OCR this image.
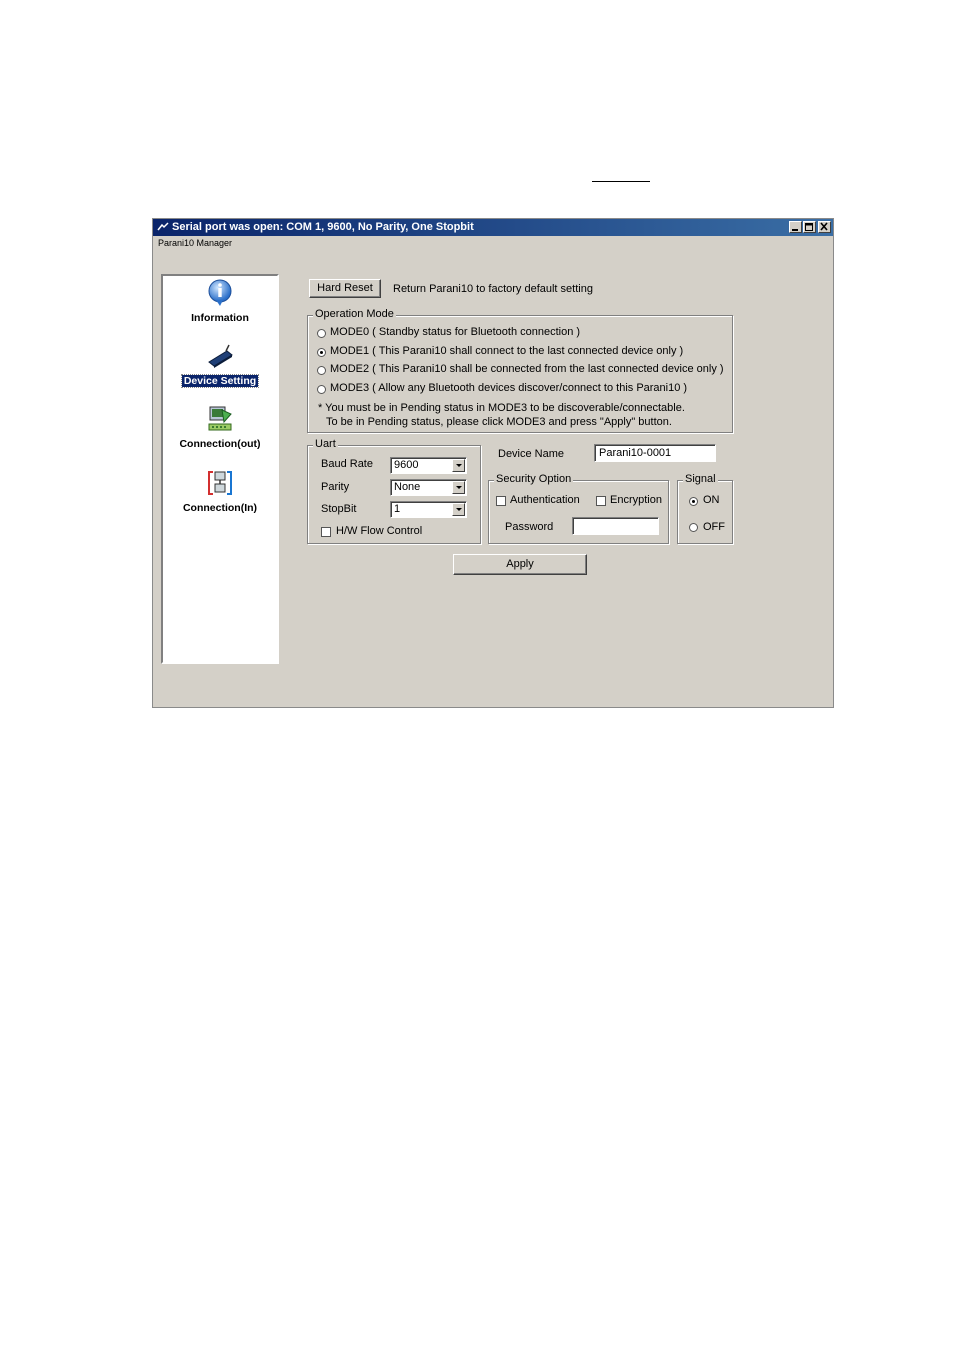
Serial port was open: COM 1, 9600, No Parity, One Stopbit
Parani10 Manager
Information
Device Setting
Connection(out)
Connection(In)
Hard Reset	Return Parani10 to factory default setting
Operation Mode
MODE0 ( Standby status for Bluetooth connection )
MODE1 ( This Parani10 shall connect to the last connected device only )
MODE2 ( This Parani10 shall be connected from the last connected device only )
MODE3 ( Allow any Bluetooth devices discover/connect to this Parani10 )
* You must be in Pending status in MODE3 to be discoverable/connectable.
To be in Pending status, please click MODE3 and press "Apply" button.
Uart
Baud Rate	9600
Parity	None
StopBit	1
H/W Flow Control
Device Name	Parani10-0001
Security Option
Authentication	Encryption
Password
Signal
ON
OFF
Apply
